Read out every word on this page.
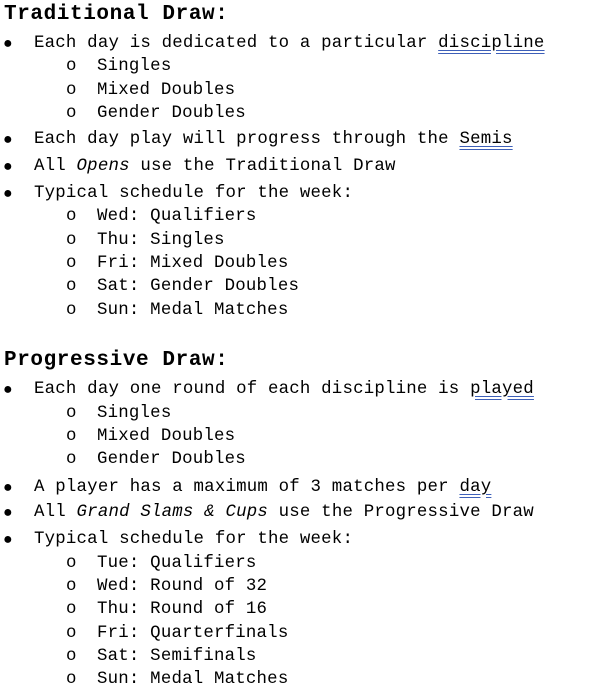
Traditional Draw:
● Each day is dedicated to a particular discipline
o Singles
o Mixed Doubles
o Gender Doubles
● Each day play will progress through the Semis
● All Opens use the Traditional Draw
● Typical schedule for the week:
o Wed: Qualifiers
o Thu: Singles
o Fri: Mixed Doubles
o Sat: Gender Doubles
o Sun: Medal Matches
Progressive Draw:
● Each day one round of each discipline is played
o Singles
o Mixed Doubles
o Gender Doubles
● A player has a maximum of 3 matches per day
● All Grand Slams & Cups use the Progressive Draw
● Typical schedule for the week:
o Tue: Qualifiers
o Wed: Round of 32
o Thu: Round of 16
o Fri: Quarterfinals
o Sat: Semifinals
o Sun: Medal Matches
